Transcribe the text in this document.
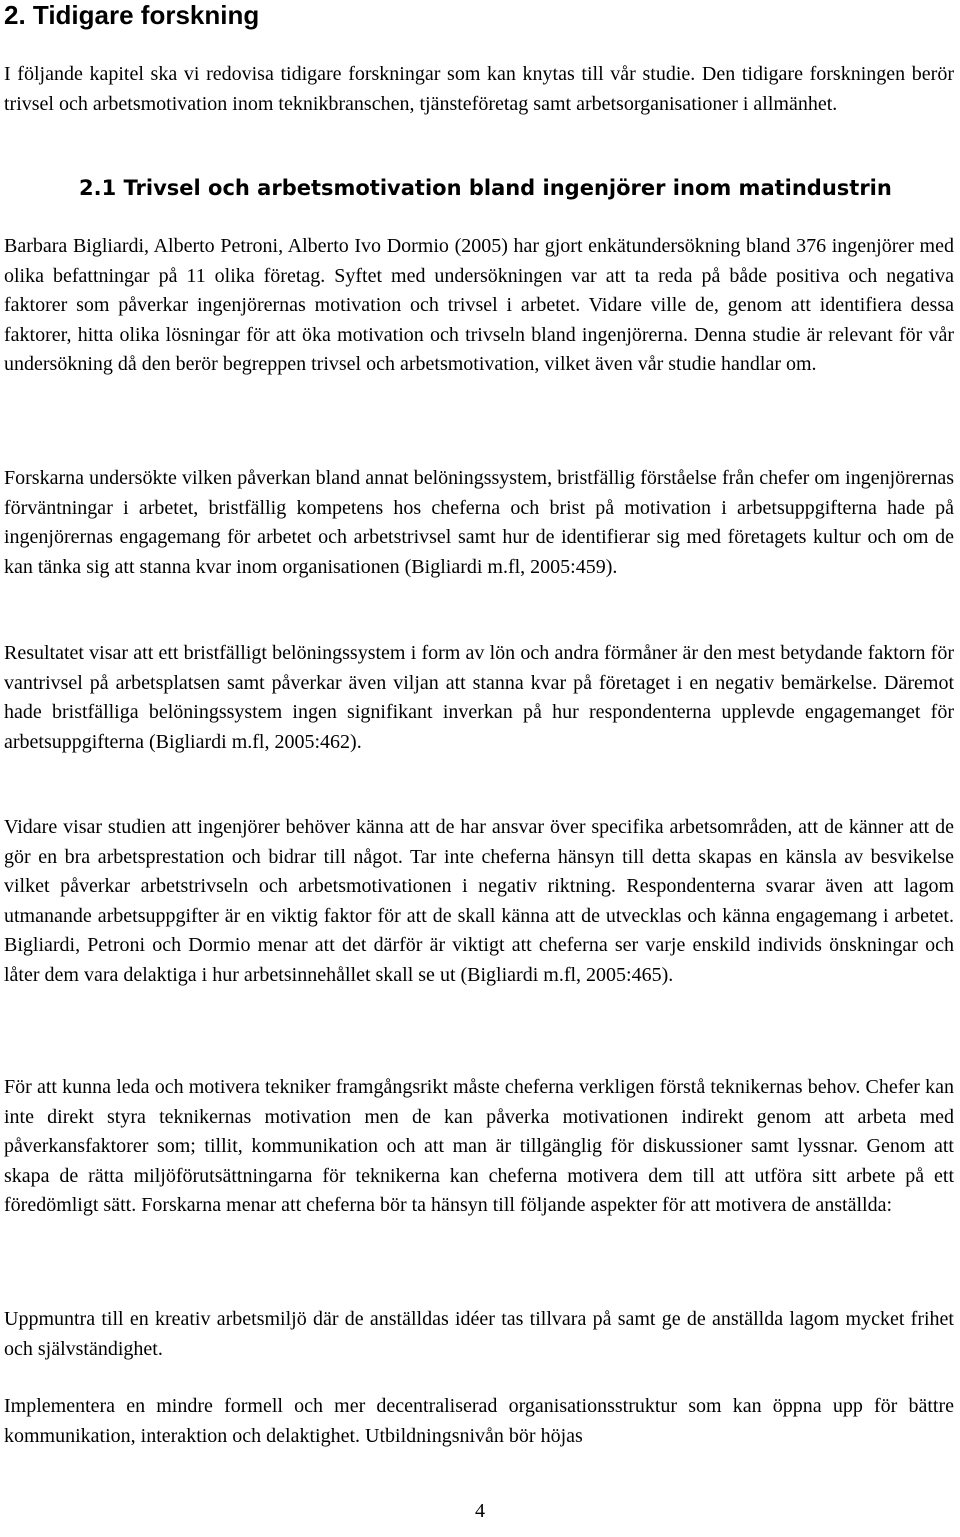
2. Tidigare forskning

I följande kapitel ska vi redovisa tidigare forskningar som kan knytas till vår studie. Den tidigare forskningen berör trivsel och arbetsmotivation inom teknikbranschen, tjänsteföretag samt arbetsorganisationer i allmänhet.

2.1 Trivsel och arbetsmotivation bland ingenjörer inom matindustrin

Barbara Bigliardi, Alberto Petroni, Alberto Ivo Dormio (2005) har gjort enkätundersökning bland 376 ingenjörer med olika befattningar på 11 olika företag. Syftet med undersökningen var att ta reda på både positiva och negativa faktorer som påverkar ingenjörernas motivation och trivsel i arbetet. Vidare ville de, genom att identifiera dessa faktorer, hitta olika lösningar för att öka motivation och trivseln bland ingenjörerna. Denna studie är relevant för vår undersökning då den berör begreppen trivsel och arbetsmotivation, vilket även vår studie handlar om.

Forskarna undersökte vilken påverkan bland annat belöningssystem, bristfällig förståelse från chefer om ingenjörernas förväntningar i arbetet, bristfällig kompetens hos cheferna och brist på motivation i arbetsuppgifterna hade på ingenjörernas engagemang för arbetet och arbetstrivsel samt hur de identifierar sig med företagets kultur och om de kan tänka sig att stanna kvar inom organisationen (Bigliardi m.fl, 2005:459).

Resultatet visar att ett bristfälligt belöningssystem i form av lön och andra förmåner är den mest betydande faktorn för vantrivsel på arbetsplatsen samt påverkar även viljan att stanna kvar på företaget i en negativ bemärkelse. Däremot hade bristfälliga belöningssystem ingen signifikant inverkan på hur respondenterna upplevde engagemanget för arbetsuppgifterna (Bigliardi m.fl, 2005:462).

Vidare visar studien att ingenjörer behöver känna att de har ansvar över specifika arbetsområden, att de känner att de gör en bra arbetsprestation och bidrar till något. Tar inte cheferna hänsyn till detta skapas en känsla av besvikelse vilket påverkar arbetstrivseln och arbetsmotivationen i negativ riktning. Respondenterna svarar även att lagom utmanande arbetsuppgifter är en viktig faktor för att de skall känna att de utvecklas och känna engagemang i arbetet. Bigliardi, Petroni och Dormio menar att det därför är viktigt att cheferna ser varje enskild individs önskningar och låter dem vara delaktiga i hur arbetsinnehållet skall se ut (Bigliardi m.fl, 2005:465).

För att kunna leda och motivera tekniker framgångsrikt måste cheferna verkligen förstå teknikernas behov. Chefer kan inte direkt styra teknikernas motivation men de kan påverka motivationen indirekt genom att arbeta med påverkansfaktorer som; tillit, kommunikation och att man är tillgänglig för diskussioner samt lyssnar. Genom att skapa de rätta miljöförutsättningarna för teknikerna kan cheferna motivera dem till att utföra sitt arbete på ett föredömligt sätt. Forskarna menar att cheferna bör ta hänsyn till följande aspekter för att motivera de anställda:

Uppmuntra till en kreativ arbetsmiljö där de anställdas idéer tas tillvara på samt ge de anställda lagom mycket frihet och självständighet.

Implementera en mindre formell och mer decentraliserad organisationsstruktur som kan öppna upp för bättre kommunikation, interaktion och delaktighet. Utbildningsnivån bör höjas

4
